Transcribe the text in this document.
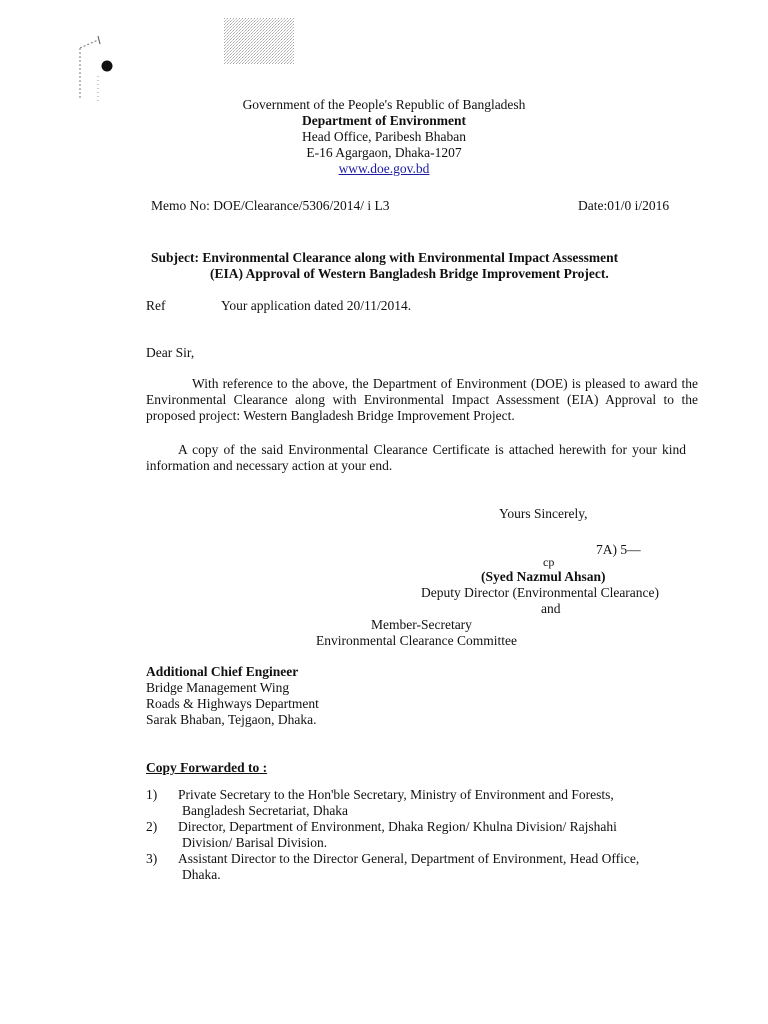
Government of the People's Republic of Bangladesh
Department of Environment
Head Office, Paribesh Bhaban
E-16 Agargaon, Dhaka-1207
www.doe.gov.bd
Memo No: DOE/Clearance/5306/2014/ i L3	Date:01/0 i/2016
Subject: Environmental Clearance along with Environmental Impact Assessment
(EIA) Approval of Western Bangladesh Bridge Improvement Project.
Ref	Your application dated 20/11/2014.
Dear Sir,
With reference to the above, the Department of Environment (DOE) is pleased to award the Environmental Clearance along with Environmental Impact Assessment (EIA) Approval to the proposed project: Western Bangladesh Bridge Improvement Project.
A copy of the said Environmental Clearance Certificate is attached herewith for your kind information and necessary action at your end.
Yours Sincerely,
7A) 5—
cp
(Syed Nazmul Ahsan)
Deputy Director (Environmental Clearance)
and
Member-Secretary
Environmental Clearance Committee
Additional Chief Engineer
Bridge Management Wing
Roads & Highways Department
Sarak Bhaban, Tejgaon, Dhaka.
Copy Forwarded to :
1) Private Secretary to the Hon'ble Secretary, Ministry of Environment and Forests,
Bangladesh Secretariat, Dhaka
2) Director, Department of Environment, Dhaka Region/ Khulna Division/ Rajshahi
Division/ Barisal Division.
3) Assistant Director to the Director General, Department of Environment, Head Office,
Dhaka.
